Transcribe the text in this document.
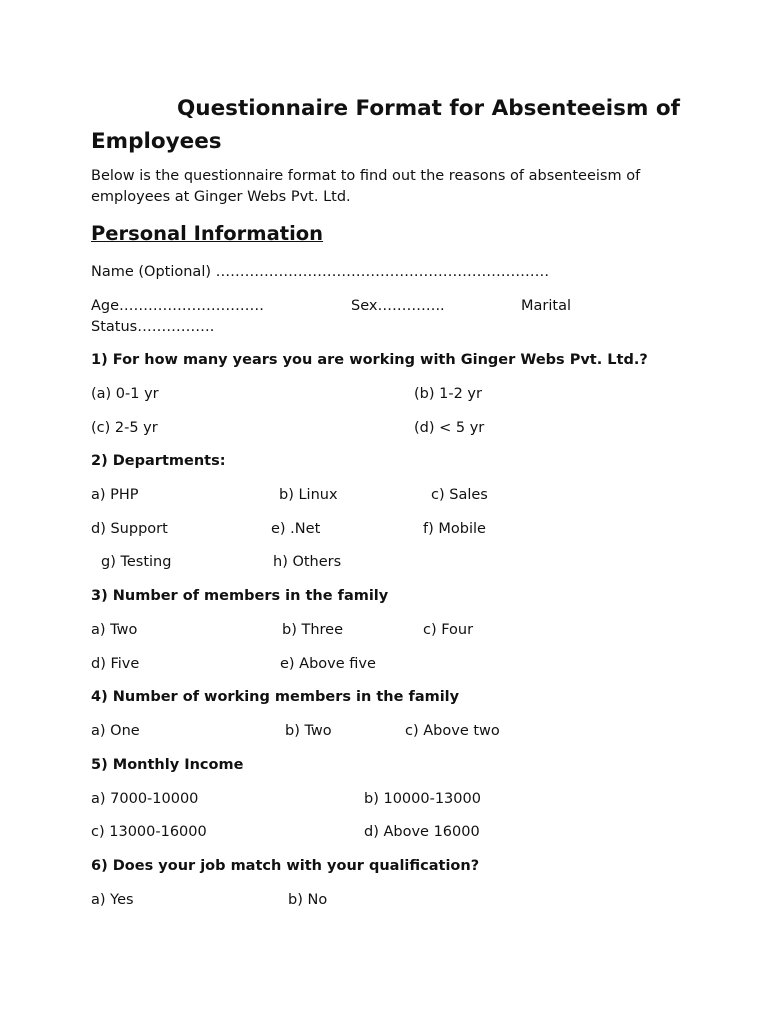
Questionnaire Format for Absenteeism of Employees
Below is the questionnaire format to find out the reasons of absenteeism of employees at Ginger Webs Pvt. Ltd.
Personal Information
Name (Optional) ……………………………………………………………
Age…………………………	Sex…………..	Marital
Status…………….
1) For how many years you are working with Ginger Webs Pvt. Ltd.?
(a) 0-1 yr	(b) 1-2 yr
(c) 2-5 yr	(d) < 5 yr
2) Departments:
a) PHP	b) Linux	c) Sales
d) Support	e) .Net	f) Mobile
g) Testing	h) Others
3) Number of members in the family
a) Two	b) Three	c) Four
d) Five	e) Above five
4) Number of working members in the family
a) One	b) Two	c) Above two
5) Monthly Income
a) 7000-10000	b) 10000-13000
c) 13000-16000	d) Above 16000
6) Does your job match with your qualification?
a) Yes	b) No
